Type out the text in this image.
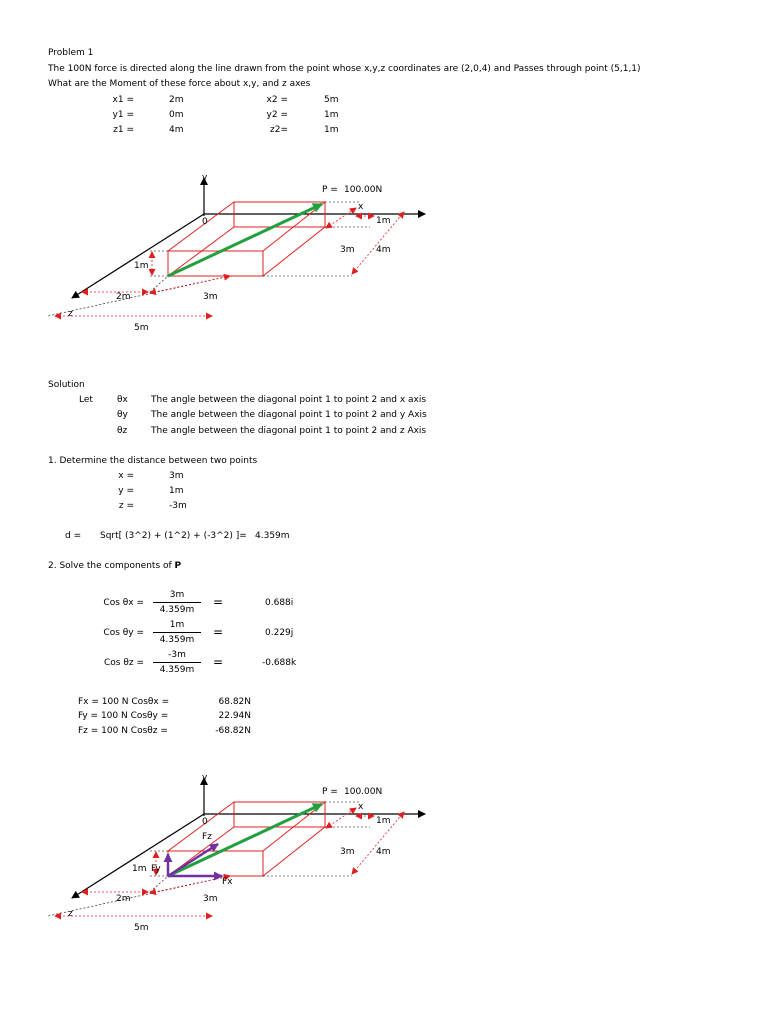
Problem 1
The 100N force is directed along the line drawn from the point whose x,y,z coordinates are (2,0,4) and Passes through point (5,1,1)
What are the Moment of these force about x,y, and z axes
x1 =	2m	x2 =	5m
y1 =	0m	y2 =	1m
z1 =	4m	z2=	1m
y
x
z
0
P = 100.00N
1m
3m 4m
1m
2m	3m
5m
Solution
Let	θx	The angle between the diagonal point 1 to point 2 and x axis
θy	The angle between the diagonal point 1 to point 2 and y Axis
θz	The angle between the diagonal point 1 to point 2 and z Axis
1. Determine the distance between two points
x =	3m
y =	1m
z =	-3m
d = Sqrt[ (3^2) + (1^2) + (-3^2) ]= 4.359m
2. Solve the components of P
Cos θx =
3m
4.359m
=	0.688i
Cos θy =
1m
4.359m
=	0.229j
Cos θz =
-3m
4.359m
=	-0.688k
Fx = 100 N Cosθx =	68.82N
Fy = 100 N Cosθy =	22.94N
Fz = 100 N Cosθz =	-68.82N
y
x
z
0
P = 100.00N
1m
3m 4m
1m Fy
Fz
Fx
2m	3m
5m
